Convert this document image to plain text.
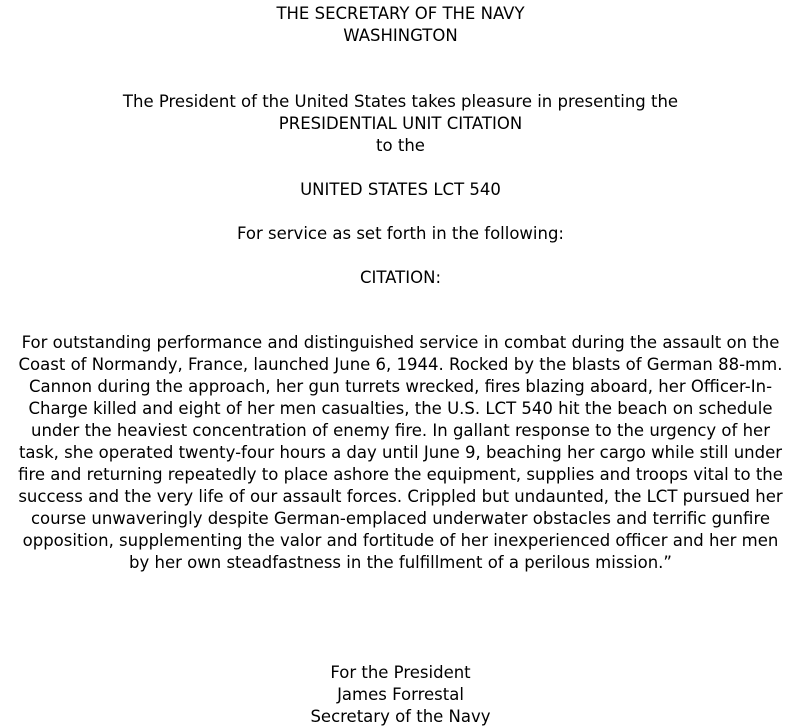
THE SECRETARY OF THE NAVY
WASHINGTON
The President of the United States takes pleasure in presenting the
PRESIDENTIAL UNIT CITATION
to the
UNITED STATES LCT 540
For service as set forth in the following:
CITATION:
For outstanding performance and distinguished service in combat during the assault on the
Coast of Normandy, France, launched June 6, 1944. Rocked by the blasts of German 88-mm.
Cannon during the approach, her gun turrets wrecked, fires blazing aboard, her Officer-In-
Charge killed and eight of her men casualties, the U.S. LCT 540 hit the beach on schedule
under the heaviest concentration of enemy fire. In gallant response to the urgency of her
task, she operated twenty-four hours a day until June 9, beaching her cargo while still under
fire and returning repeatedly to place ashore the equipment, supplies and troops vital to the
success and the very life of our assault forces. Crippled but undaunted, the LCT pursued her
course unwaveringly despite German-emplaced underwater obstacles and terrific gunfire
opposition, supplementing the valor and fortitude of her inexperienced officer and her men
by her own steadfastness in the fulfillment of a perilous mission.”
For the President
James Forrestal
Secretary of the Navy
